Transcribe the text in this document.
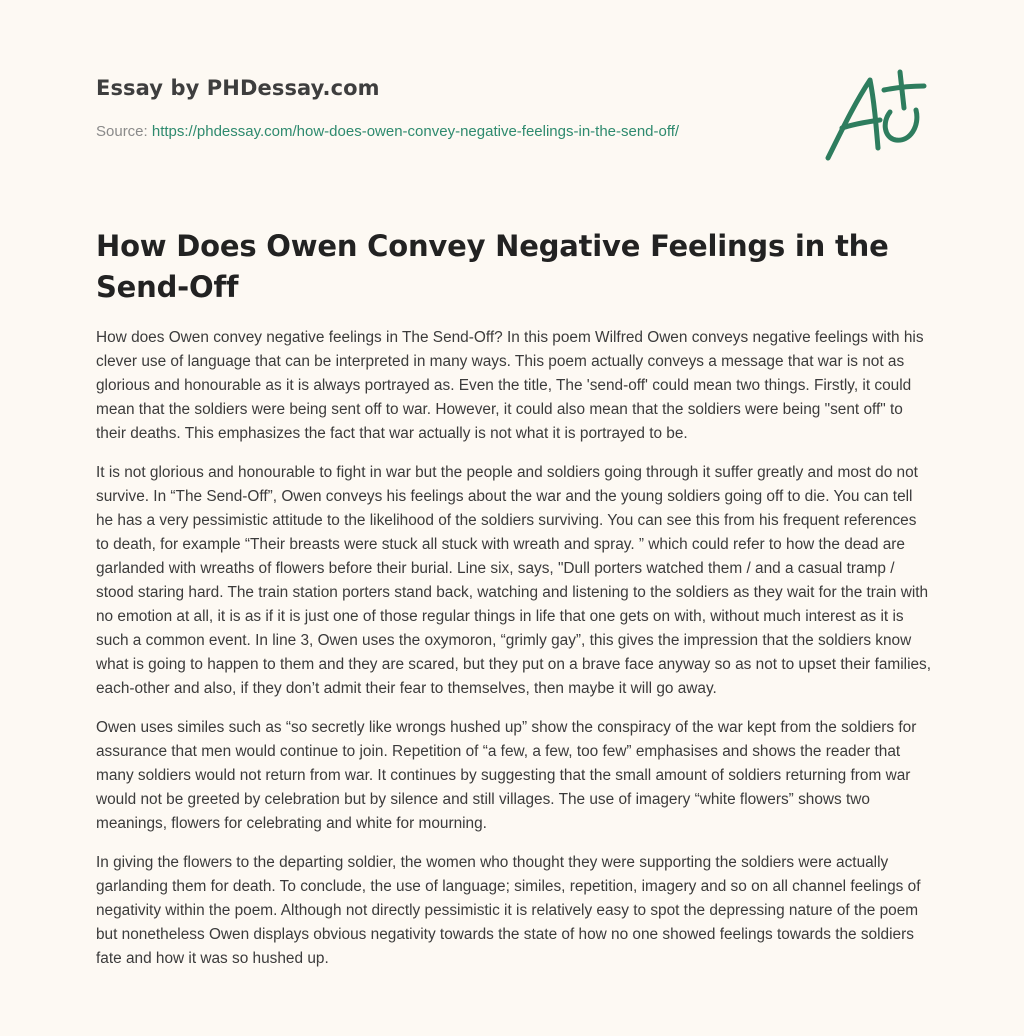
Essay by PHDessay.com
Source: https://phdessay.com/how-does-owen-convey-negative-feelings-in-the-send-off/
How Does Owen Convey Negative Feelings in the Send-Off

How does Owen convey negative feelings in The Send-Off? In this poem Wilfred Owen conveys negative feelings with his clever use of language that can be interpreted in many ways. This poem actually conveys a message that war is not as glorious and honourable as it is always portrayed as. Even the title, The 'send-off' could mean two things. Firstly, it could mean that the soldiers were being sent off to war. However, it could also mean that the soldiers were being "sent off" to their deaths. This emphasizes the fact that war actually is not what it is portrayed to be.

It is not glorious and honourable to fight in war but the people and soldiers going through it suffer greatly and most do not survive. In “The Send-Off”, Owen conveys his feelings about the war and the young soldiers going off to die. You can tell he has a very pessimistic attitude to the likelihood of the soldiers surviving. You can see this from his frequent references to death, for example “Their breasts were stuck all stuck with wreath and spray. ” which could refer to how the dead are garlanded with wreaths of flowers before their burial. Line six, says, "Dull porters watched them / and a casual tramp / stood staring hard. The train station porters stand back, watching and listening to the soldiers as they wait for the train with no emotion at all, it is as if it is just one of those regular things in life that one gets on with, without much interest as it is such a common event. In line 3, Owen uses the oxymoron, “grimly gay”, this gives the impression that the soldiers know what is going to happen to them and they are scared, but they put on a brave face anyway so as not to upset their families, each-other and also, if they don’t admit their fear to themselves, then maybe it will go away.

Owen uses similes such as “so secretly like wrongs hushed up” show the conspiracy of the war kept from the soldiers for assurance that men would continue to join. Repetition of “a few, a few, too few” emphasises and shows the reader that many soldiers would not return from war. It continues by suggesting that the small amount of soldiers returning from war would not be greeted by celebration but by silence and still villages. The use of imagery “white flowers” shows two meanings, flowers for celebrating and white for mourning.

In giving the flowers to the departing soldier, the women who thought they were supporting the soldiers were actually garlanding them for death. To conclude, the use of language; similes, repetition, imagery and so on all channel feelings of negativity within the poem. Although not directly pessimistic it is relatively easy to spot the depressing nature of the poem but nonetheless Owen displays obvious negativity towards the state of how no one showed feelings towards the soldiers fate and how it was so hushed up.
